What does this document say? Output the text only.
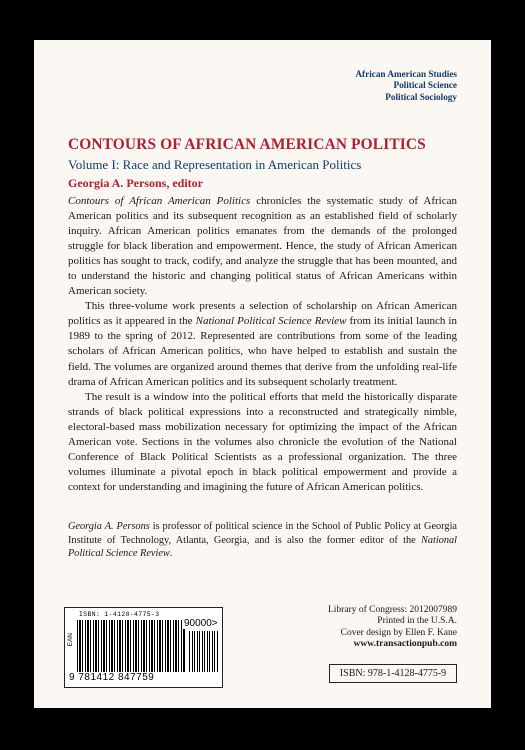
African American Studies
Political Science
Political Sociology
CONTOURS OF AFRICAN AMERICAN POLITICS
Volume I: Race and Representation in American Politics
Georgia A. Persons, editor

Contours of African American Politics chronicles the systematic study of African American politics and its subsequent recognition as an established field of scholarly inquiry. African American politics emanates from the demands of the prolonged struggle for black liberation and empowerment. Hence, the study of African American politics has sought to track, codify, and analyze the struggle that has been mounted, and to understand the historic and changing political status of African Americans within American society.

This three-volume work presents a selection of scholarship on African American politics as it appeared in the National Political Science Review from its initial launch in 1989 to the spring of 2012. Represented are contributions from some of the leading scholars of African American politics, who have helped to establish and sustain the field. The volumes are organized around themes that derive from the unfolding real-life drama of African American politics and its subsequent scholarly treatment.

The result is a window into the political efforts that meld the historically disparate strands of black political expressions into a reconstructed and strategically nimble, electoral-based mass mobilization necessary for optimizing the impact of the African American vote. Sections in the volumes also chronicle the evolution of the National Conference of Black Political Scientists as a professional organization. The three volumes illuminate a pivotal epoch in black political empowerment and provide a context for understanding and imagining the future of African American politics.

Georgia A. Persons is professor of political science in the School of Public Policy at Georgia Institute of Technology, Atlanta, Georgia, and is also the former editor of the National Political Science Review.
ISBN: 1-4128-4775-3
EAN
90000>
9 781412 847759
Library of Congress: 2012007989
Printed in the U.S.A.
Cover design by Ellen F. Kane
www.transactionpub.com
ISBN: 978-1-4128-4775-9
